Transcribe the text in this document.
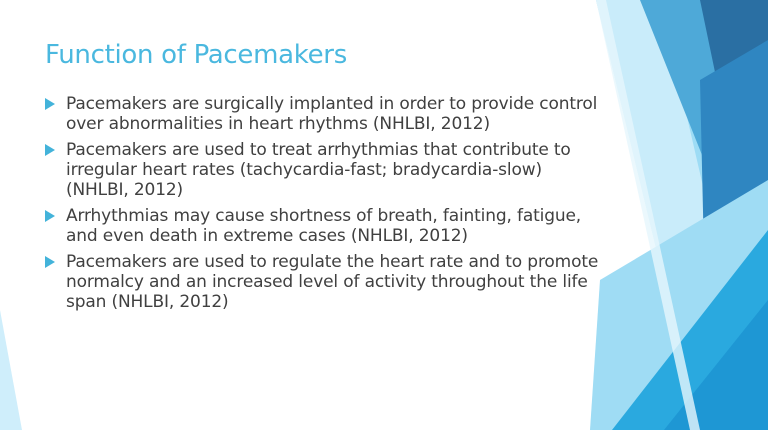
Function of Pacemakers
Pacemakers are surgically implanted in order to provide control over abnormalities in heart rhythms (NHLBI, 2012)
Pacemakers are used to treat arrhythmias that contribute to irregular heart rates (tachycardia-fast; bradycardia-slow) (NHLBI, 2012)
Arrhythmias may cause shortness of breath, fainting, fatigue, and even death in extreme cases (NHLBI, 2012)
Pacemakers are used to regulate the heart rate and to promote normalcy and an increased level of activity throughout the life span (NHLBI, 2012)
